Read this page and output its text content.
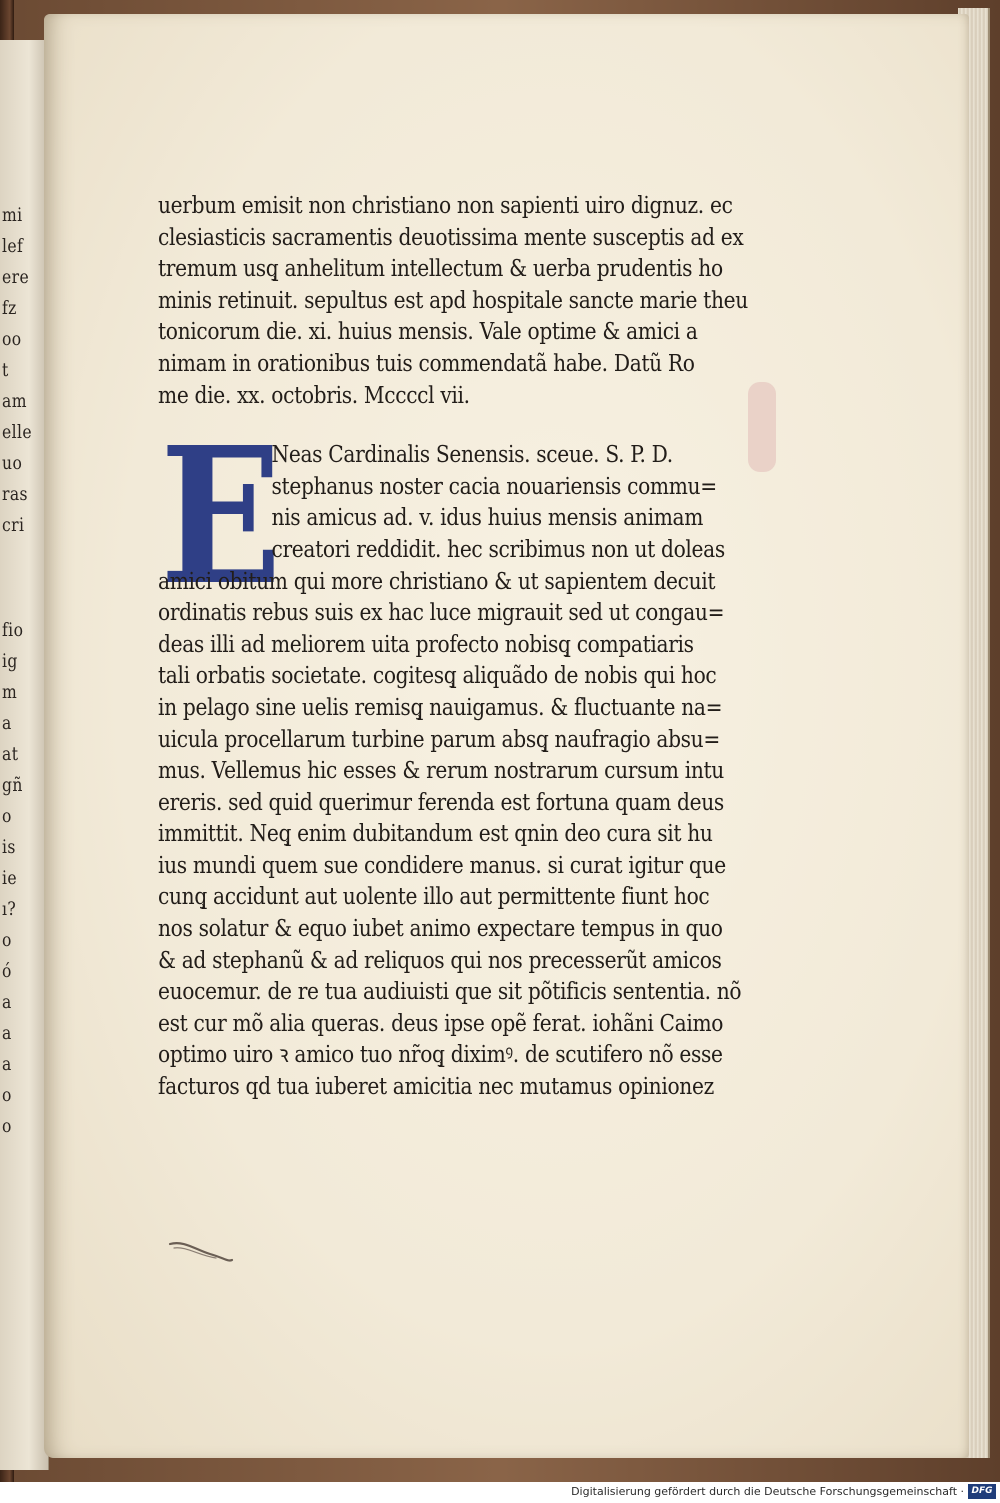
mi
lef
ere
fz
oo
t
am
elle
uo
ras
cri
fio
ig
m
a
at
gñ
o
is
ie
ı?
o
ó
a
a
a
o
o
E
uerbum emisit non christiano non sapienti uiro dignuz. ec
clesiasticis sacramentis deuotissima mente susceptis ad ex
tremum usq̧ anhelitum intellectum & uerba prudentis ho
minis retinuit. sepultus est apd hospitale sancte marie theu
tonicorum die. xi. huius mensis. Vale optime & amici a
nimam in orationibus tuis commendatã habe. Datũ Ro
me die. xx. octobris. Mccccl vii.
Neas Cardinalis Senensis. sceue. S. P. D.
stephanus noster cacia nouariensis commu=
nis amicus ad. v. idus huius mensis animam
creatori reddidit. hec scribimus non ut doleas
amici obitum qui more christiano & ut sapientem decuit
ordinatis rebus suis ex hac luce migrauit sed ut congau=
deas illi ad meliorem uita profecto nobisq̧ compatiaris
tali orbatis societate. cogitesq̧ aliquãdo de nobis qui hoc
in pelago sine uelis remisq̧ nauigamus. & fluctuante na=
uicula procellarum turbine parum absq̧ naufragio absu=
mus. Vellemus hic esses & rerum nostrarum cursum intu
ereris. sed quid querimur ferenda est fortuna quam deus
immittit. Neq̧ enim dubitandum est qnin deo cura sit hu
ius mundi quem sue condidere manus. si curat igitur que
cunq̧ accidunt aut uolente illo aut permittente fiunt hoc
nos solatur & equo iubet animo expectare tempus in quo
& ad stephanũ & ad reliquos qui nos precesserũt amicos
euocemur. de re tua audiuisti que sit põtificis sententia. nõ
est cur mõ alia queras. deus ipse opẽ ferat. iohãni Caimo
optimo uiro ꝛ amico tuo nr̃oq̧ diximꝰ. de scutifero nõ esse
facturos qd tua iuberet amicitia nec mutamus opinionez
Digitalisierung gefördert durch die Deutsche Forschungsgemeinschaft · DFG
